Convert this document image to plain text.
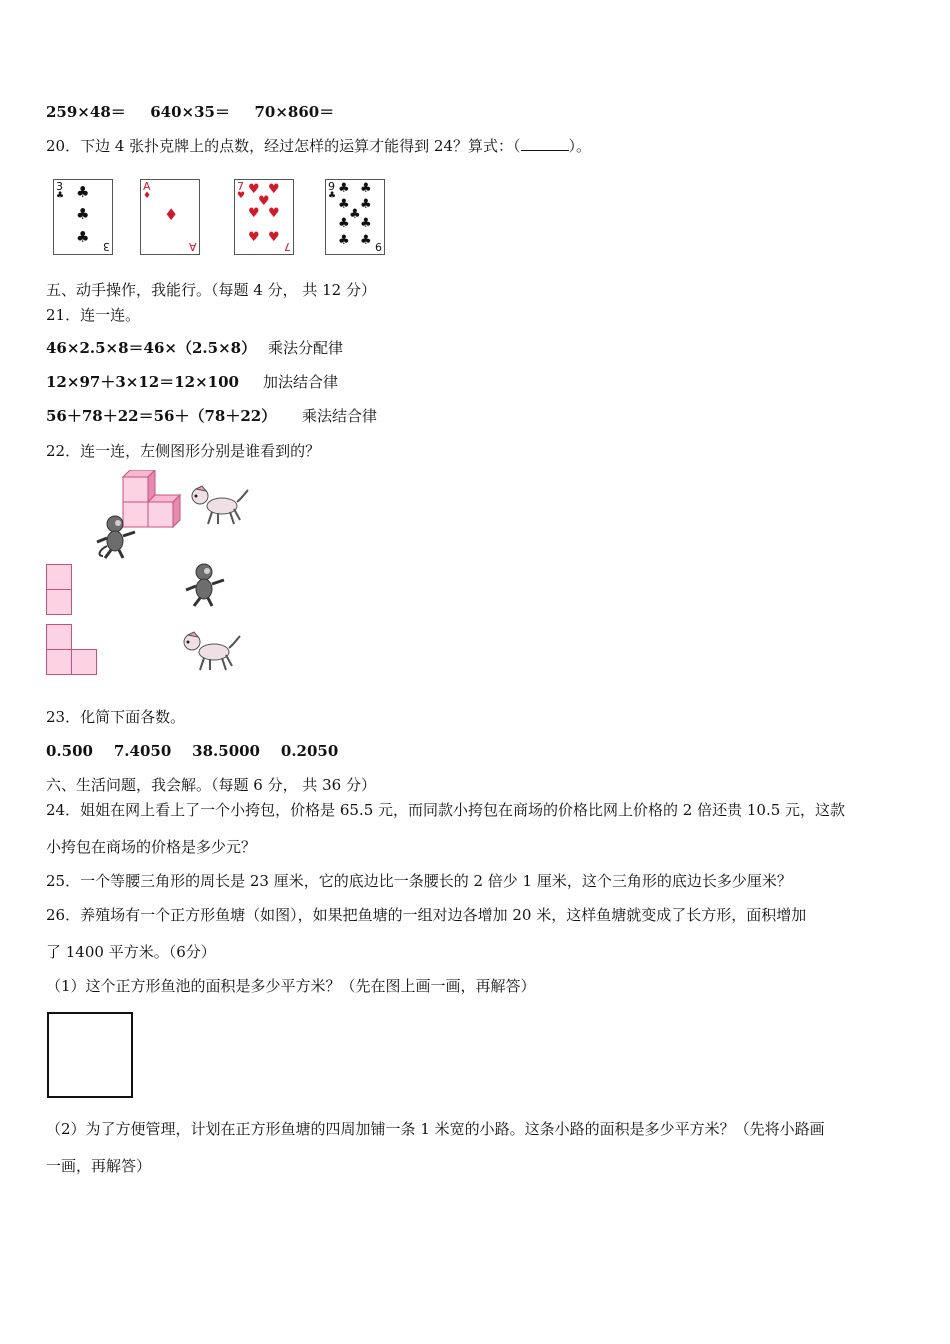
259×48＝ 640×35＝ 70×860＝
20．下边 4 张扑克牌上的点数，经过怎样的运算才能得到 24？算式：（	）。
3
♣ ♣
♣
♣
3
A
♦
♦
A
7
♥ ♥ ♥
♥
♥ ♥
♥ ♥
7
9
♣ ♣ ♣
♣ ♣
♣
♣ ♣
♣ ♣ 9
五、动手操作，我能行。（每题 4 分， 共 12 分）
21．连一连。
46×2.5×8＝46×（2.5×8） 乘法分配律
12×97＋3×12＝12×100 加法结合律
56＋78＋22＝56＋（78＋22） 乘法结合律
22．连一连，左侧图形分别是谁看到的？
23．化简下面各数。
0.500    7.4050    38.5000    0.2050
六、生活问题，我会解。（每题 6 分， 共 36 分）
24．姐姐在网上看上了一个小挎包，价格是 65.5 元，而同款小挎包在商场的价格比网上价格的 2 倍还贵 10.5 元，这款
小挎包在商场的价格是多少元？
25．一个等腰三角形的周长是 23 厘米，它的底边比一条腰长的 2 倍少 1 厘米，这个三角形的底边长多少厘米？
26．养殖场有一个正方形鱼塘（如图），如果把鱼塘的一组对边各增加 20 米，这样鱼塘就变成了长方形，面积增加
了 1400 平方米。（6分）
（1）这个正方形鱼池的面积是多少平方米？（先在图上画一画，再解答）
（2）为了方便管理，计划在正方形鱼塘的四周加铺一条 1 米宽的小路。这条小路的面积是多少平方米？（先将小路画
一画，再解答）
